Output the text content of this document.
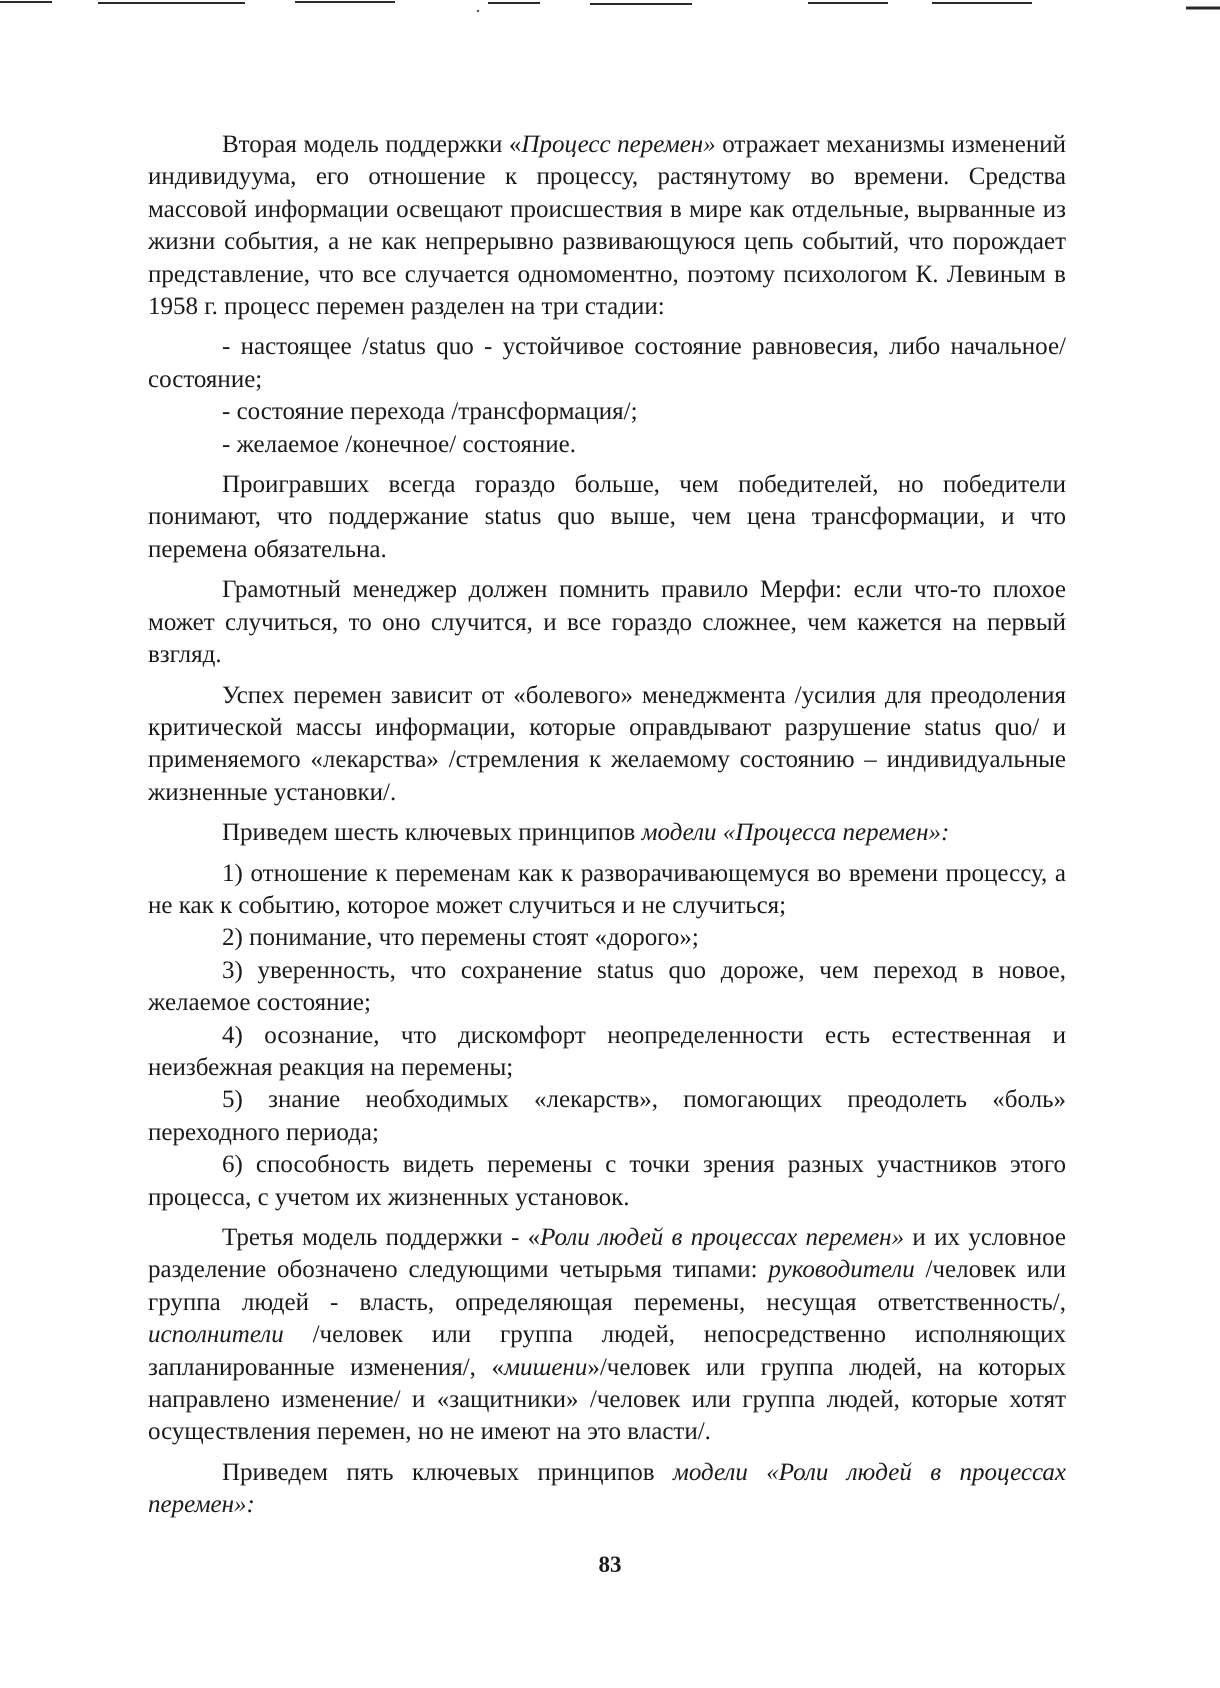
Вторая модель поддержки «Процесс перемен» отражает механизмы изменений индивидуума, его отношение к процессу, растянутому во времени. Средства массовой информации освещают происшествия в мире как отдельные, вырванные из жизни события, а не как непрерывно развивающуюся цепь событий, что порождает представление, что все случается одномоментно, поэтому психологом К. Левиным в 1958 г. процесс перемен разделен на три стадии:

- настоящее /status quo - устойчивое состояние равновесия, либо начальное/ состояние;

- состояние перехода /трансформация/;

- желаемое /конечное/ состояние.

Проигравших всегда гораздо больше, чем победителей, но победители понимают, что поддержание status quo выше, чем цена трансформации, и что перемена обязательна.

Грамотный менеджер должен помнить правило Мерфи: если что-то плохое может случиться, то оно случится, и все гораздо сложнее, чем кажется на первый взгляд.

Успех перемен зависит от «болевого» менеджмента /усилия для преодоления критической массы информации, которые оправдывают разрушение status quo/ и применяемого «лекарства» /стремления к желаемому состоянию – индивидуальные жизненные установки/.

Приведем шесть ключевых принципов модели «Процесса перемен»:

1) отношение к переменам как к разворачивающемуся во времени процессу, а не как к событию, которое может случиться и не случиться;

2) понимание, что перемены стоят «дорого»;

3) уверенность, что сохранение status quo дороже, чем переход в новое, желаемое состояние;

4) осознание, что дискомфорт неопределенности есть естественная и неизбежная реакция на перемены;

5) знание необходимых «лекарств», помогающих преодолеть «боль» переходного периода;

6) способность видеть перемены с точки зрения разных участников этого процесса, с учетом их жизненных установок.

Третья модель поддержки - «Роли людей в процессах перемен» и их условное разделение обозначено следующими четырьмя типами: руководители /человек или группа людей - власть, определяющая перемены, несущая ответственность/, исполнители /человек или группа людей, непосредственно исполняющих запланированные изменения/, «мишени»/человек или группа людей, на которых направлено изменение/ и «защитники» /человек или группа людей, которые хотят осуществления перемен, но не имеют на это власти/.

Приведем пять ключевых принципов модели «Роли людей в процессах перемен»:

83
